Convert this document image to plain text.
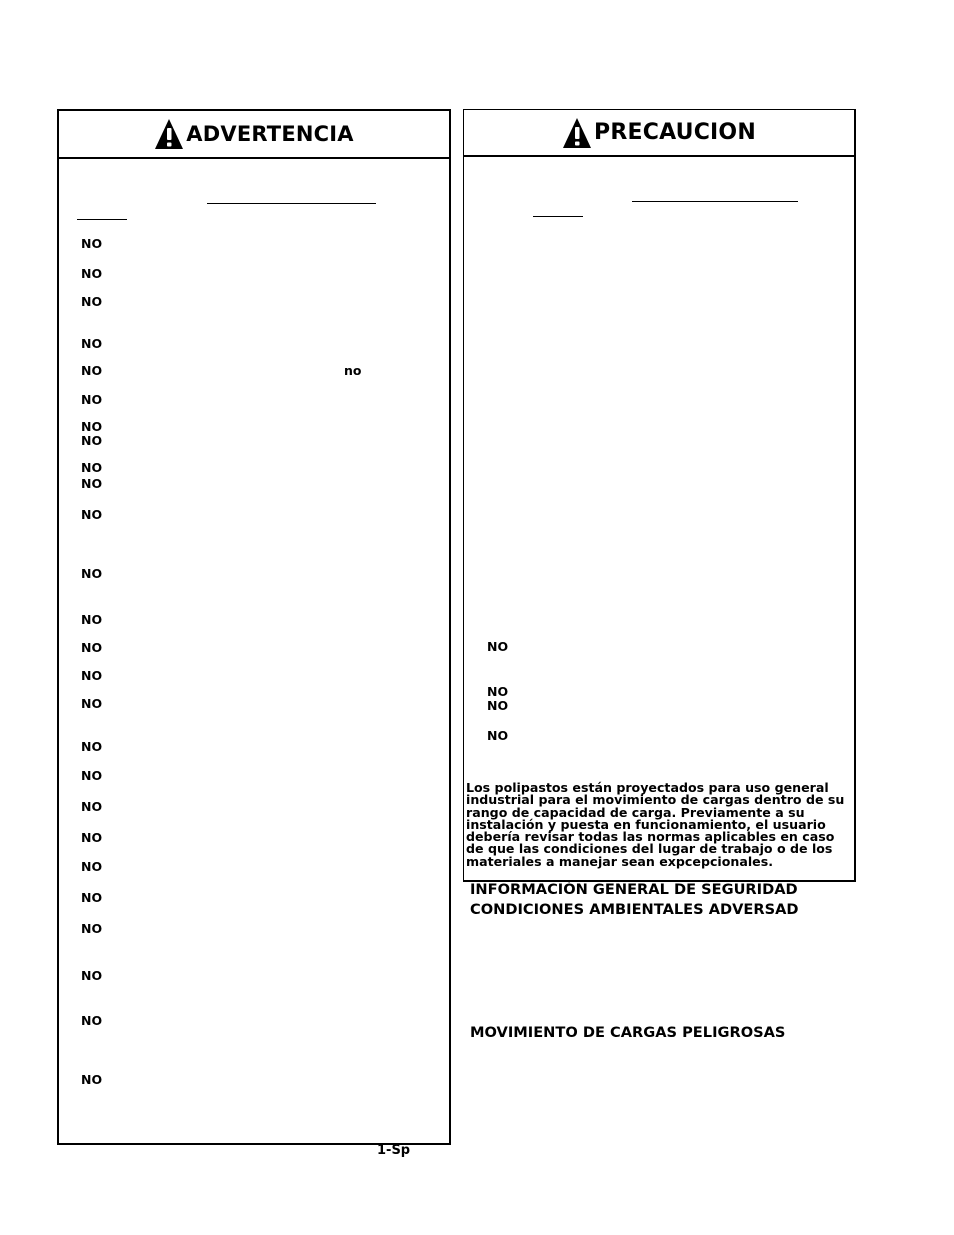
ADVERTENCIA
NO
NO
NO
NO
NO	no
NO
NO
NO
NO
NO
NO
NO
NO
NO
NO
NO
NO
NO
NO
NO
NO
NO
NO
NO
NO
NO
PRECAUCION
NO
NO
NO
NO
Los polipastos están proyectados para uso general industrial para el movimiento de cargas dentro de su rango de capacidad de carga. Previamente a su instalación y puesta en funcionamiento, el usuario debería revisar todas las normas aplicables en caso de que las condiciones del lugar de trabajo o de los materiales a manejar sean expcepcionales.
INFORMACIÓN GENERAL DE SEGURIDAD
CONDICIONES AMBIENTALES ADVERSAD
MOVIMIENTO DE CARGAS PELIGROSAS
1-Sp
